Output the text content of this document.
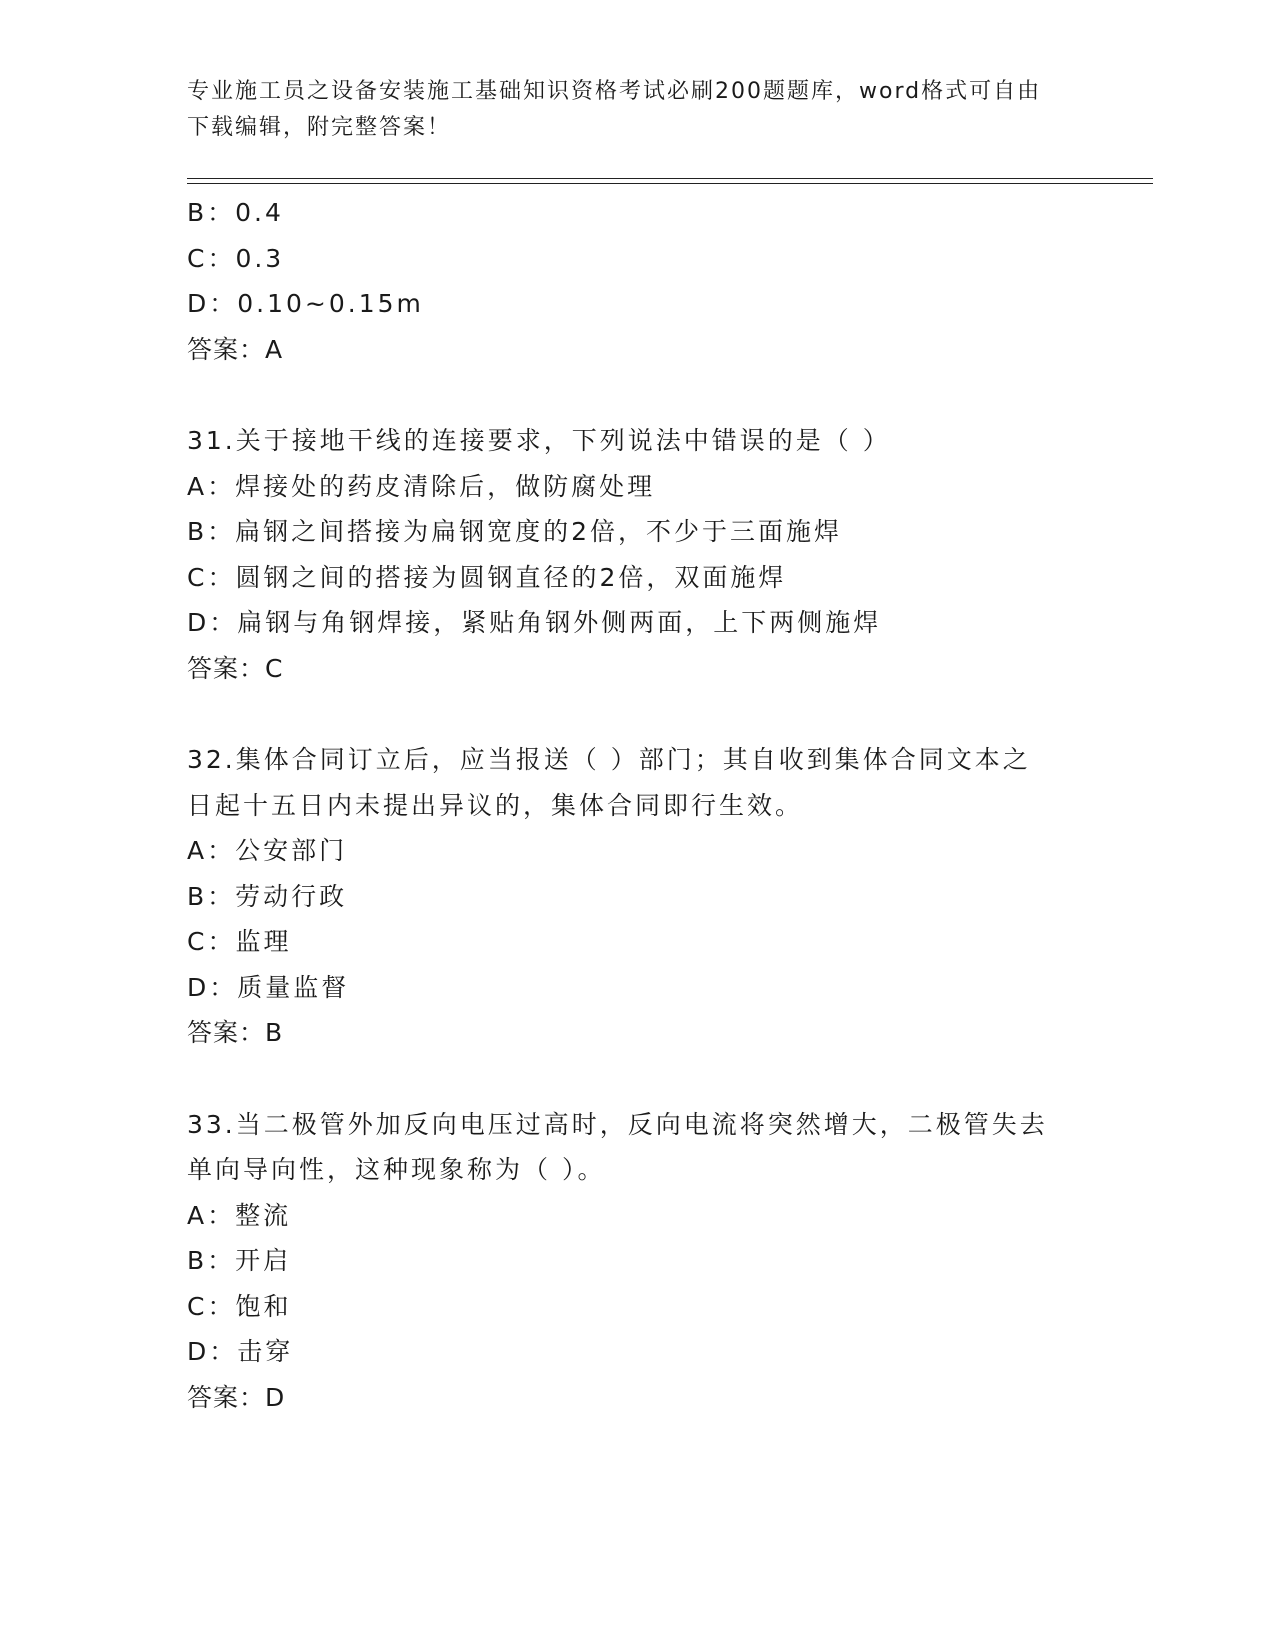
专业施工员之设备安装施工基础知识资格考试必刷200题题库，word格式可自由
下载编辑，附完整答案！
B：0.4
C：0.3
D：0.10~0.15m
答案：A
31.关于接地干线的连接要求，下列说法中错误的是（ ）
A：焊接处的药皮清除后，做防腐处理
B：扁钢之间搭接为扁钢宽度的2倍，不少于三面施焊
C：圆钢之间的搭接为圆钢直径的2倍，双面施焊
D：扁钢与角钢焊接，紧贴角钢外侧两面，上下两侧施焊
答案：C
32.集体合同订立后，应当报送（ ）部门；其自收到集体合同文本之
日起十五日内未提出异议的，集体合同即行生效。
A：公安部门
B：劳动行政
C：监理
D：质量监督
答案：B
33.当二极管外加反向电压过高时，反向电流将突然增大，二极管失去
单向导向性，这种现象称为（ ）。
A：整流
B：开启
C：饱和
D：击穿
答案：D
